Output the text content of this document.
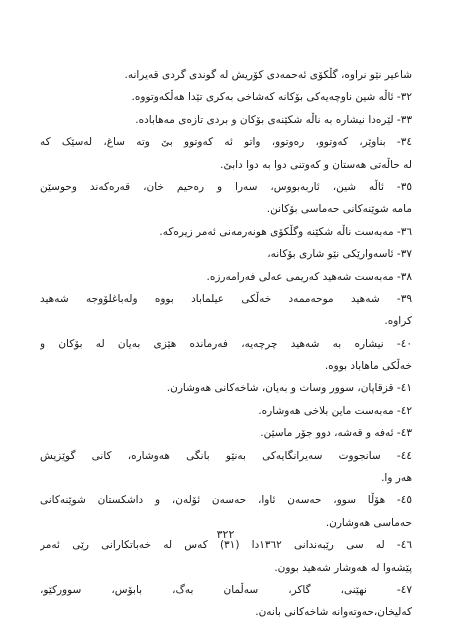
شاعیر نێو نراوه، گڵکۆی ئەحمەدی کۆریش لە گوندی گردی قەیرانە.
٣٢- ئاڵە شین ناوچەیەکی بۆکانە کەشاخی بەکری تێدا هەڵکەوتووە.
٣٣- لێرەدا نیشارە بە ناڵە شکێنەی بۆکان و بردی تازەی مەهابادە.
٣٤- بناوێر، کەوتوو، رەوتوو، واتو ئە کەوتوو بێ وتە ساغ، لەسێک کە
لە حاڵەتی هەستان و کەوتنی دوا بە دوا دابێ.
٣٥- ئاڵە شین، ئاربەبووس، سەرا و رەحیم خان، قەرەکەند وحوسێن
مامە شوێنەکانی حەماسی بۆکانن.
٣٦- مەبەست ناڵە شکێنە وگڵکۆی هونەرمەنی ئەمر زیرەکە.
٣٧- ئاسەوارێکی نێو شاری بۆکانە،
٣٨- مەبەست شەهید کەریمی عەلی فەرامەرزە.
٣٩- شەهید موحەممەد خەڵکی عیلماباد بووە ولەباغلۆوجە شەهید
کراوە.
٤٠- نیشارە بە شەهید چرچەیە، فەرماندە هێزی بەیان لە بۆکان و
خەڵکی ماهاباد بووە.
٤١- قزقاپان، سوور وسات و بەیان، شاخەکانی هەوشارن.
٤٢- مەبەست ماین بلاخی هەوشارە.
٤٣- ئەفە و قەشە، دوو جۆر ماسێن.
٤٤- سانجووت سەیرانگایەکی بەنێو بانگی هەوشارە، کانی گوێزیش
هەر وا.
٤٥- هۆڵا سوو، حەسەن ئاوا، حەسەن ئۆلەن، و داشکستان شوێنەکانی
حەماسی هەوشارن.
٤٦- لە سی رێبەندانی ١٣٦٢دا (٣١) کەس لە خەباتکارانی رێی ئەمر
پێشەوا لە هەوشار شەهید بوون.
٤٧- نهێنی، گاکر، سەڵمان بەگ، بابۆس، سوورکێو،
کەلیخان،حەوتەوانە شاخەکانی بانەن.
٣٢٢
